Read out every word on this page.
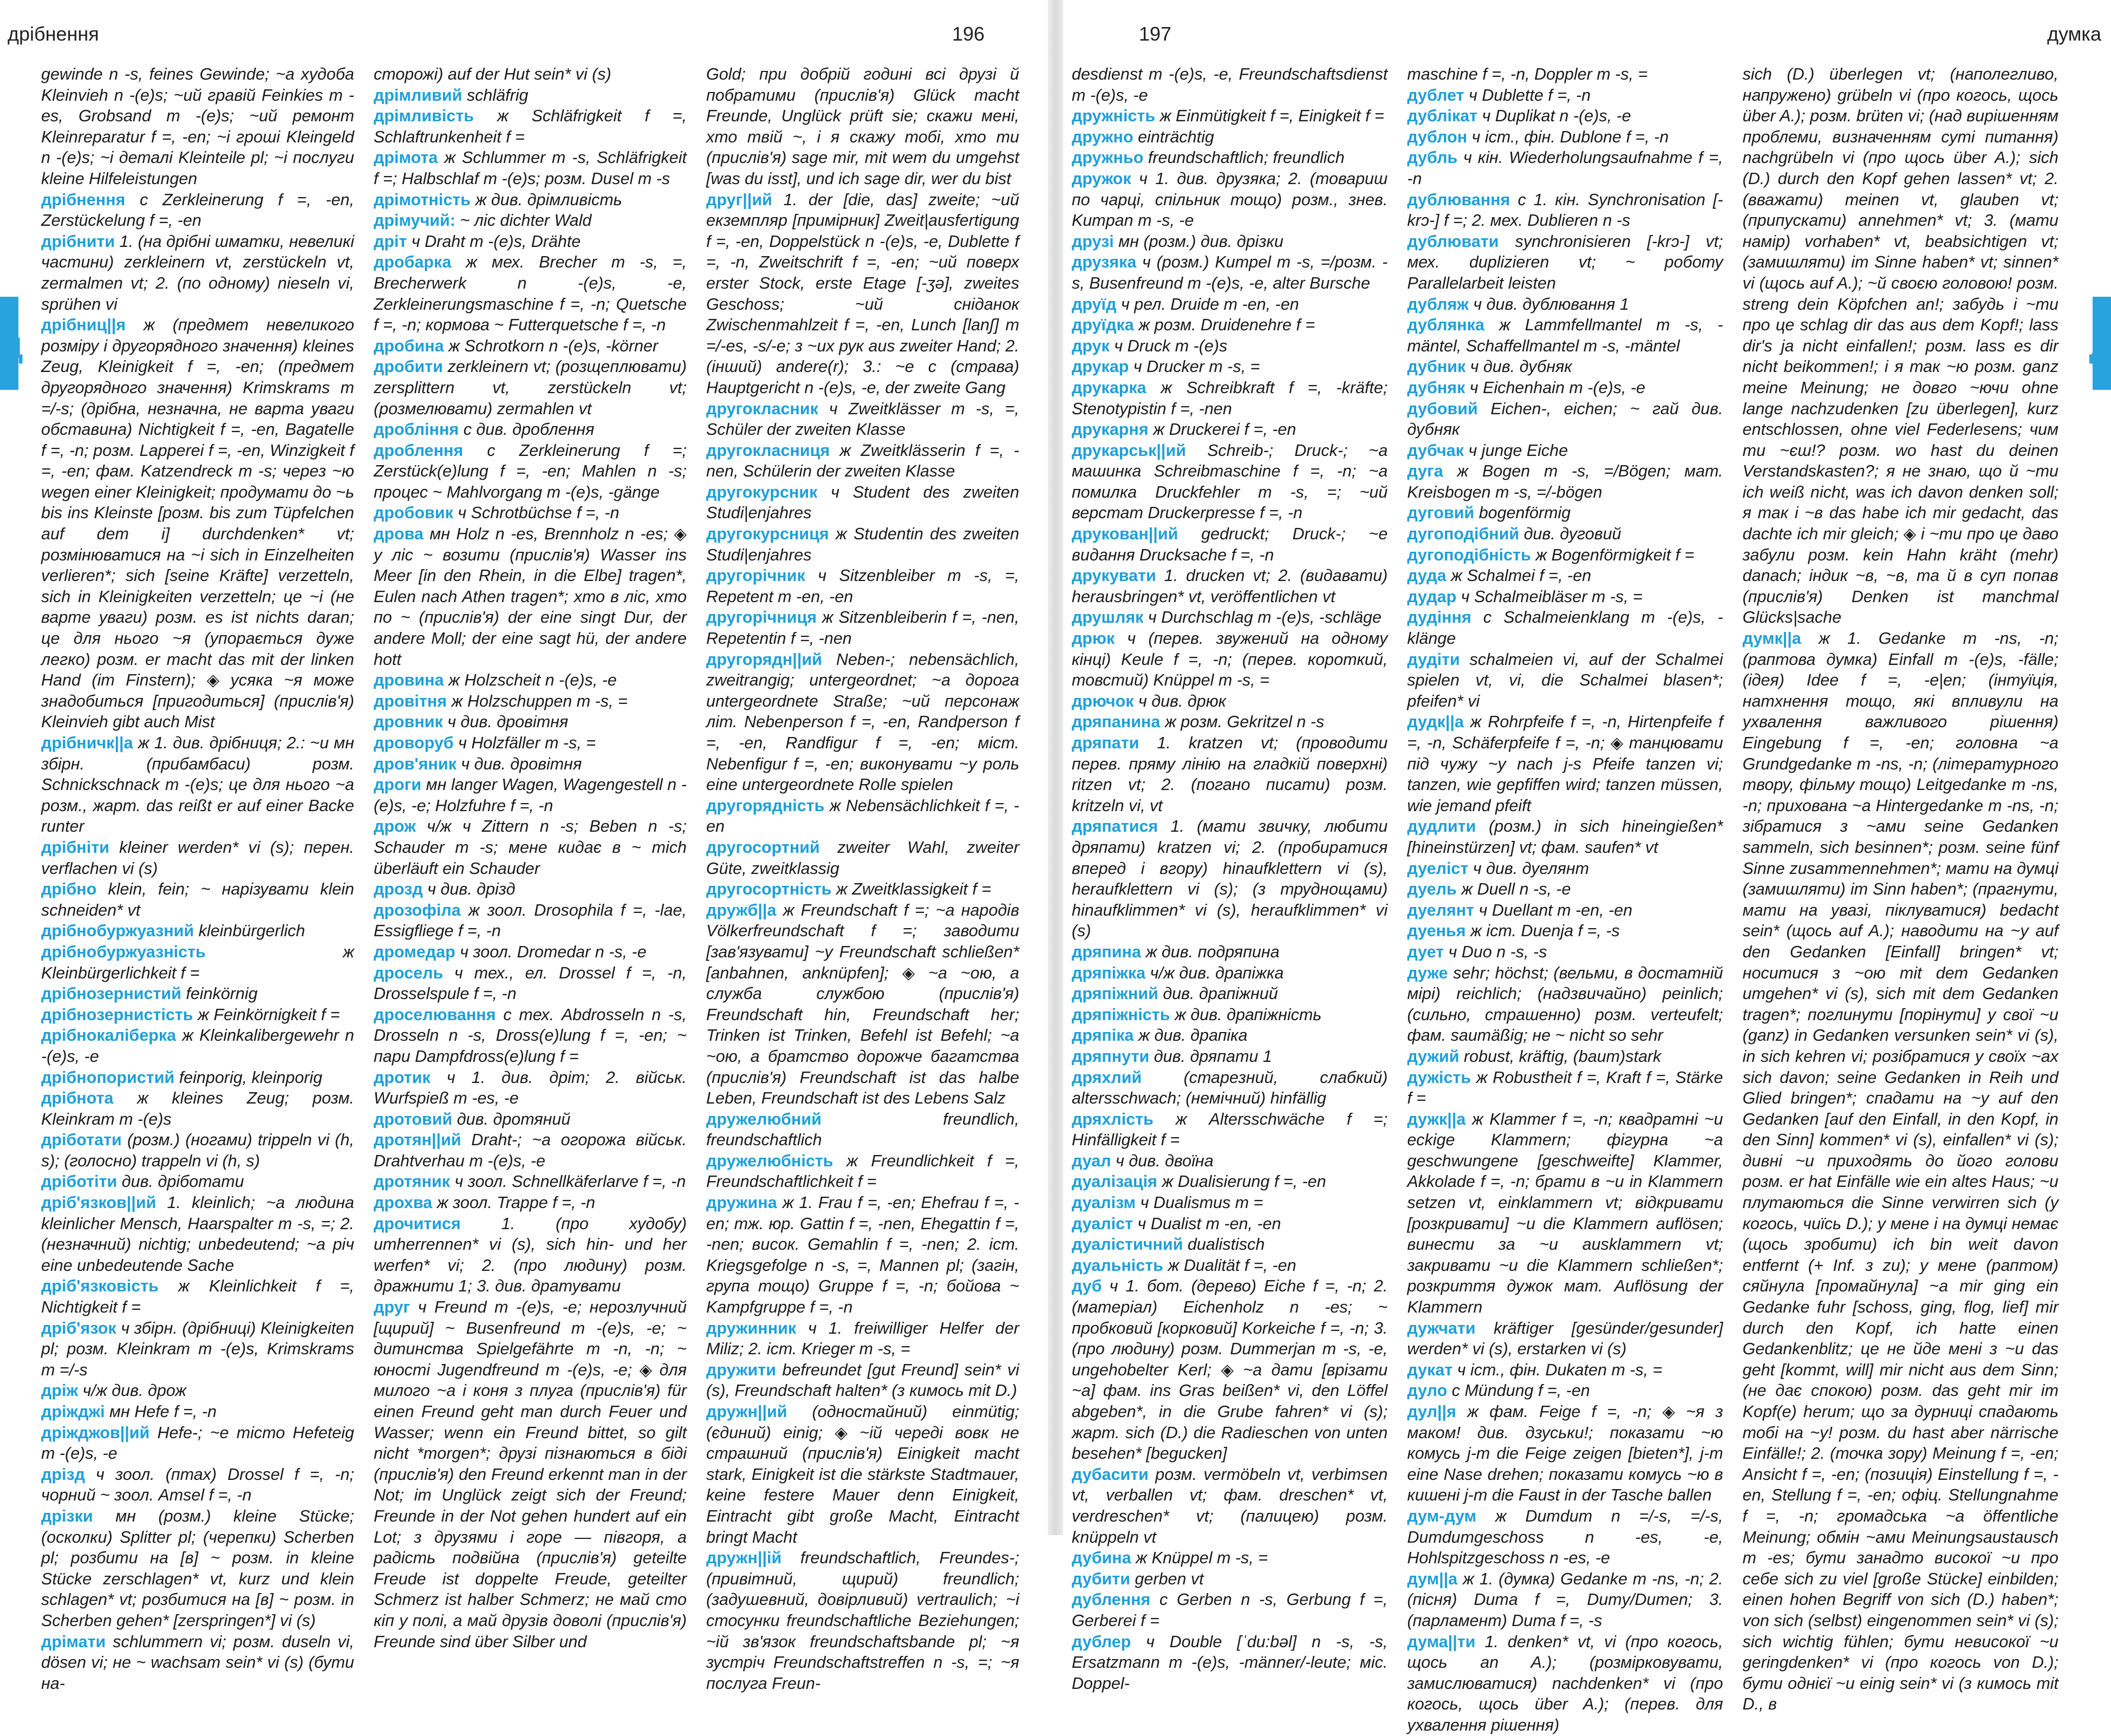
дрібнення	196
Д

gewinde n -s, feines Gewinde; ~а худоба Kleinvieh n -(e)s; ~ий гравій Feinkies m -es, Grobsand m -(e)s; ~ий ремонт Kleinreparatur f =, -en; ~і гроші Kleingeld n -(e)s; ~і деталі Kleinteile pl; ~і послуги kleine Hilfeleistungen

дрібнення с Zerkleinerung f =, -en, Zerstückelung f =, -en

дрібнити 1. (на дрібні шматки, невеликі частини) zerkleinern vt, zerstückeln vt, zermalmen vt; 2. (по одному) nieseln vi, sprühen vi

дрібниц||я ж (предмет невеликого розміру і другорядного значення) kleines Zeug, Kleinigkeit f =, -en; (предмет другорядного значення) Krimskrams m =/-s; (дрібна, незначна, не варта уваги обставина) Nichtigkeit f =, -en, Bagatelle f =, -n; розм. Lapperei f =, -en, Winzigkeit f =, -en; фам. Katzendreck m -s; через ~ю wegen einer Kleinigkeit; продумати до ~ь bis ins Kleinste [розм. bis zum Tüpfelchen auf dem i] durchdenken* vt; розмінюватися на ~і sich in Einzelheiten verlieren*; sich [seine Kräfte] verzetteln, sich in Kleinigkeiten verzetteln; це ~і (не варте уваги) розм. es ist nichts daran; це для нього ~я (упорається дуже легко) розм. er macht das mit der linken Hand (im Finstern); ◈ усяка ~я може знадобиться [пригодиться] (прислів'я) Kleinvieh gibt auch Mist

дрібничк||а ж 1. див. дрібниця; 2.: ~и мн збірн. (прибамбаси) розм. Schnickschnack m -(e)s; це для нього ~а розм., жарт. das reißt er auf einer Backe runter

дрібніти kleiner werden* vi (s); перен. verflachen vi (s)

дрібно klein, fein; ~ нарізувати klein schneiden* vt

дрібнобуржуазний kleinbürgerlich

дрібнобуржуазність	ж Kleinbürgerlichkeit f =

дрібнозернистий feinkörnig

дрібнозернистість ж Feinkörnigkeit f =

дрібнокаліберка ж Kleinkalibergewehr n -(e)s, -e

дрібнопористий feinporig, kleinporig

дрібнота ж kleines Zeug; розм. Kleinkram m -(e)s

дріботати (розм.) (ногами) trippeln vi (h, s); (голосно) trappeln vi (h, s)

дріботіти див. дріботати

дріб'язков||ий 1. kleinlich; ~а людина kleinlicher Mensch, Haarspalter m -s, =; 2. (незначний) nichtig; unbedeutend; ~а річ eine unbedeutende Sache

дріб'язковість ж Kleinlichkeit f =, Nichtigkeit f =

дріб'язок ч збірн. (дрібниці) Kleinigkeiten pl; розм. Kleinkram m -(e)s, Krimskrams m =/-s

дріж ч/ж див. дрож

дріжджі мн Hefe f =, -n

дріжджов||ий Hefe-; ~е тісто Hefeteig m -(e)s, -e

дрізд ч зоол. (птах) Drossel f =, -n; чорний ~ зоол. Amsel f =, -n

дрізки мн (розм.) kleine Stücke; (осколки) Splitter pl; (черепки) Scherben pl; розбити на [в] ~ розм. in kleine Stücke zerschlagen* vt, kurz und klein schlagen* vt; розбитися на [в] ~ розм. in Scherben gehen* [zerspringen*] vi (s)

дрімати schlummern vi; розм. duseln vi, dösen vi; не ~ wachsam sein* vi (s) (бути на-

сторожі) auf der Hut sein* vi (s)

дрімливий schläfrig

дрімливість ж Schläfrigkeit f =, Schlaftrunkenheit f =

дрімота ж Schlummer m -s, Schläfrigkeit f =; Halbschlaf m -(e)s; розм. Dusel m -s

дрімотність ж див. дрімливість

дрімучий: ~ ліс dichter Wald

дріт ч Draht т -(e)s, Drähte

дробарка ж мех. Brecher m -s, =, Brecherwerk n -(e)s, -e, Zerkleinerungsmaschine f =, -n; Quetsche f =, -n; кормова ~ Futterquetsche f =, -n

дробина ж Schrotkorn n -(e)s, -körner

дробити zerkleinern vt; (розщеплювати) zersplittern vt, zerstückeln vt; (розмелювати) zermahlen vt

дробління с див. дроблення

дроблення с Zerkleinerung f =; Zerstück(e)lung f =, -en; Mahlen n -s; процес ~ Mahlvorgang m -(e)s, -gänge

дробовик ч Schrotbüchse f =, -n

дрова мн Holz n -es, Brennholz n -es; ◈ у ліс ~ возити (прислів'я) Wasser ins Meer [in den Rhein, in die Elbe] tragen*, Eulen nach Athen tragen*; хто в ліс, хто по ~ (прислів'я) der eine singt Dur, der andere Moll; der eine sagt hü, der andere hott

дровина ж Holzscheit n -(e)s, -e

дровітня ж Holzschuppen т -s, =

дровник ч див. дровітня

дроворуб ч Holzfäller т -s, =

дров'яник ч див. дровітня

дроги мн langer Wagen, Wagengestell n -(e)s, -e; Holzfuhre f =, -n

дрож ч/ж ч Zittern n -s; Beben n -s; Schauder m -s; мене кидає в ~ mich überläuft ein Schauder

дрозд ч див. дрізд

дрозофіла ж зоол. Drosophila f =, -lae, Essigfliege f =, -n

дромедар ч зоол. Dromedar n -s, -e

дросель ч тех., ел. Drossel f =, -n, Drosselspule f =, -n

дроселювання с тех. Abdrosseln n -s, Drosseln n -s, Dross(e)lung f =, -en; ~ пари Dampfdross(e)lung f =

дротик ч 1. див. дріт; 2. військ. Wurfspieß m -es, -e

дротовий див. дротяний

дротян||ий Draht-; ~а огорожа військ. Drahtverhau m -(e)s, -e

дротяник ч зоол. Schnellkäferlarve f =, -n

дрохва ж зоол. Trappe f =, -n

дрочитися 1. (про худобу) umherrennen* vi (s), sich hin- und her werfen* vi; 2. (про людину) розм. дражнити 1; 3. див. дратувати

друг ч Freund т -(e)s, -e; нерозлучний [щирий] ~ Busenfreund т -(e)s, -e; ~ дитинства Spielgefährte т -n, -n; ~ юності Jugendfreund т -(e)s, -e; ◈ для милого ~а і коня з плуга (прислів'я) für einen Freund geht man durch Feuer und Wasser; wenn ein Freund bittet, so gilt nicht *morgen*; друзі пізнаються в біді (прислів'я) den Freund erkennt man in der Not; im Unglück zeigt sich der Freund; Freunde in der Not gehen hundert auf ein Lot; з друзями і горе — півгоря, а радість подвійна (прислів'я) geteilte Freude ist doppelte Freude, geteilter Schmerz ist halber Schmerz; не май сто кіп у полі, а май друзів доволі (прислів'я) Freunde sind über Silber und

Gold; при добрій годині всі друзі й побратими (прислів'я) Glück macht Freunde, Unglück prüft sie; скажи мені, хто твій ~, і я скажу тобі, хто ти (прислів'я) sage mir, mit wem du umgehst [was du isst], und ich sage dir, wer du bist

друг||ий 1. der [die, das] zweite; ~ий екземпляр [примірник] Zweit|ausfertigung f =, -en, Doppelstück n -(e)s, -e, Dublette f =, -n, Zweitschrift f =, -en; ~ий поверх erster Stock, erste Etage [-ʒə], zweites Geschoss; ~ий сніданок Zwischenmahlzeit f =, -en, Lunch [lanʃ] m =/-es, -s/-e; з ~их рук aus zweiter Hand; 2. (інший) andere(r); 3.: ~е с (страва) Hauptgericht n -(e)s, -e, der zweite Gang

другокласник ч Zweitklässer m -s, =, Schüler der zweiten Klasse

другокласниця ж Zweitklässerin f =, -nen, Schülerin der zweiten Klasse

другокурсник ч Student des zweiten Studi|enjahres

другокурсниця ж Studentin des zweiten Studi|enjahres

другорічник ч Sitzenbleiber m -s, =, Repetent m -en, -en

другорічниця ж Sitzenbleiberin f =, -nen, Repetentin f =, -nen

другорядн||ий Neben-; nebensächlich, zweitrangig; untergeordnet; ~а дорога untergeordnete Straße; ~ий персонаж літ. Nebenperson f =, -en, Randperson f =, -en, Randfigur f =, -en; міст. Nebenfigur f =, -en; виконувати ~у роль eine untergeordnete Rolle spielen

другорядність ж Nebensächlichkeit f =, -en

другосортний zweiter Wahl, zweiter Güte, zweitklassig

другосортність ж Zweitklassigkeit f =

дружб||а ж Freundschaft f =; ~а народів Völkerfreundschaft f =; заводити [зав'язувати] ~у Freundschaft schließen* [anbahnen, anknüpfen]; ◈ ~а ~ою, а служба службою (прислів'я) Freundschaft hin, Freundschaft her; Trinken ist Trinken, Befehl ist Befehl; ~а ~ою, а братство дорожче багатства (прислів'я) Freundschaft ist das halbe Leben, Freundschaft ist des Lebens Salz

дружелюбний	freundlich, freundschaftlich

дружелюбність ж Freundlichkeit f =, Freundschaftlichkeit f =

дружина ж 1. Frau f =, -en; Ehefrau f =, -en; тж. юр. Gattin f =, -nen, Ehegattin f =, -nen; висок. Gemahlin f =, -nen; 2. іст. Kriegsgefolge n -s, =, Mannen pl; (загін, група тощо) Gruppe f =, -n; бойова ~ Kampfgruppe f =, -n

дружинник ч 1. freiwilliger Helfer der Miliz; 2. іст. Krieger m -s, =

дружити befreundet [gut Freund] sein* vi (s), Freundschaft halten* (з кимось mit D.)

дружн||ий (одностайний) einmütig; (єдиний) einig; ◈ ~ій череді вовк не страшний (прислів'я) Einigkeit macht stark, Einigkeit ist die stärkste Stadtmauer, keine festere Mauer denn Einigkeit, Eintracht gibt große Macht, Eintracht bringt Macht

дружн||ій freundschaftlich, Freundes-; (привітний, щирий) freundlich; (задушевний, довірливий) vertraulich; ~і стосунки freundschaftliche Beziehungen; ~ій зв'язок freundschaftsbande pl; ~я зустріч Freundschaftstreffen n -s, =; ~я послуга Freun-

197	думка
Д

desdienst m -(e)s, -e, Freundschaftsdienst m -(e)s, -e

дружність ж Einmütigkeit f =, Einigkeit f =

дружно einträchtig

дружньо freundschaftlich; freundlich

дружок ч 1. див. друзяка; 2. (товариш по чарці, спільник тощо) розм., знев. Kumpan m -s, -e

друзі мн (розм.) див. дрізки

друзяка ч (розм.) Kumpel т -s, =/розм. -s, Busenfreund т -(e)s, -e, alter Bursche

друїд ч рел. Druide m -en, -en

друїдка ж розм. Druidenehre f =

друк ч Druck m -(e)s

друкар ч Drucker m -s, =

друкарка ж Schreibkraft f =, -kräfte; Stenotypistin f =, -nen

друкарня ж Druckerei f =, -en

друкарськ||ий Schreib-; Druck-; ~а машинка Schreibmaschine f =, -n; ~а помилка Druckfehler m -s, =; ~ий верстат Druckerpresse f =, -n

друкован||ий gedruckt; Druck-; ~е видання Drucksache f =, -n

друкувати 1. drucken vt; 2. (видавати) herausbringen* vt, veröffentlichen vt

друшляк ч Durchschlag m -(e)s, -schläge

дрюк ч (перев. звужений на одному кінці) Keule f =, -n; (перев. короткий, товстий) Knüppel m -s, =

дрючок ч див. дрюк

дряпанина ж розм. Gekritzel n -s

дряпати 1. kratzen vt; (проводити перев. пряму лінію на гладкій поверхні) ritzen vt; 2. (погано писати) розм. kritzeln vi, vt

дряпатися 1. (мати звичку, любити дряпати) kratzen vi; 2. (пробиратися вперед і вгору) hinaufklettern vi (s), heraufklettern vi (s); (з труднощами) hinaufklimmen* vi (s), heraufklimmen* vi (s)

дряпина ж див. подряпина

дряпіжка ч/ж див. драпіжка

дряпіжний див. драпіжний

дряпіжність ж див. драпіжність

дряпіка ж див. драпіка

дряпнути див. дряпати 1

дряхлий	(старезний, слабкий) altersschwach; (немічний) hinfällig

дряхлість ж Altersschwäche f =; Hinfälligkeit f =

дуал ч див. двоїна

дуалізація ж Dualisierung f =, -en

дуалізм ч Dualismus m =

дуаліст ч Dualist m -en, -en

дуалістичний dualistisch

дуальність ж Dualität f =, -en

дуб ч 1. бот. (дерево) Eiche f =, -n; 2. (матеріал) Eichenholz n -es; ~ пробковий [корковий] Korkeiche f =, -n; 3. (про людину) розм. Dummerjan m -s, -e, ungehobelter Kerl; ◈ ~а дати [врізати ~а] фам. ins Gras beißen* vi, den Löffel abgeben*, in die Grube fahren* vi (s); жарт. sich (D.) die Radieschen von unten besehen* [begucken]

дубасити розм. vermöbeln vt, verbimsen vt, verballen vt; фам. dreschen* vt, verdreschen* vt; (палицею) розм. knüppeln vt

дубина ж Knüppel m -s, =

дубити gerben vt

дублення с Gerben n -s, Gerbung f =, Gerberei f =

дублер ч Double [ˈdu:bəl] n -s, -s, Ersatzmann m -(e)s, -männer/-leute; міс. Doppel-

maschine f =, -n, Doppler m -s, =

дублет ч Dublette f =, -n

дублікат ч Duplikat n -(e)s, -e

дублон ч іст., фін. Dublone f =, -n

дубль ч кін. Wiederholungsaufnahme f =, -n

дублювання с 1. кін. Synchronisation [-krɔ-] f =; 2. мех. Dublieren n -s

дублювати synchronisieren [-krɔ-] vt; мех. duplizieren vt; ~ роботу Parallelarbeit leisten

дубляж ч див. дублювання 1

дублянка ж Lammfellmantel т -s, -mäntel, Schaffellmantel т -s, -mäntel

дубник ч див. дубняк

дубняк ч Eichenhain m -(e)s, -e

дубовий Eichen-, eichen; ~ гай див. дубняк

дубчак ч junge Eiche

дуга ж Bogen m -s, =/Bögen; мат. Kreisbogen m -s, =/-bögen

дуговий bogenförmig

дугоподібний див. дуговий

дугоподібність ж Bogenförmigkeit f =

дуда ж Schalmei f =, -en

дудар ч Schalmeibläser т -s, =

дудіння с Schalmeienklang т -(e)s, -klänge

дудіти schalmeien vi, auf der Schalmei spielen vt, vi, die Schalmei blasen*; pfeifen* vi

дудк||а ж Rohrpfeife f =, -n, Hirtenpfeife f =, -n, Schäferpfeife f =, -n; ◈ танцювати під чужу ~у nach j-s Pfeife tanzen vi; tanzen, wie gepfiffen wird; tanzen müssen, wie jemand pfeift

дудлити (розм.) in sich hineingießen* [hineinstürzen] vt; фам. saufen* vt

дуеліст ч див. дуелянт

дуель ж Duell n -s, -e

дуелянт ч Duellant т -en, -en

дуенья ж іст. Duenja f =, -s

дует ч Duo n -s, -s

дуже sehr; höchst; (вельми, в достатній мірі) reichlich; (надзвичайно) peinlich; (сильно, страшенно) розм. verteufelt; фам. saumäßig; не ~ nicht so sehr

дужий robust, kräftig, (baum)stark

дужість ж Robustheit f =, Kraft f =, Stärke f =

дужк||а ж Klammer f =, -n; квадратні ~и eckige Klammern; фігурна ~а geschwungene [geschweifte] Klammer, Akkolade f =, -n; брати в ~и in Klammern setzen vt, einklammern vt; відкривати [розкривати] ~и die Klammern auflösen; винести за ~и ausklammern vt; закривати ~и die Klammern schließen*; розкриття дужок мат. Auflösung der Klammern

дужчати kräftiger [gesünder/gesunder] werden* vi (s), erstarken vi (s)

дукат ч іст., фін. Dukaten т -s, =

дуло с Mündung f =, -en

дул||я ж фам. Feige f =, -n; ◈ ~я з маком! див. дзуськи!; показати ~ю комусь j-m die Feige zeigen [bieten*], j-m eine Nase drehen; показати комусь ~ю в кишені j-m die Faust in der Tasche ballen

дум-дум ж Dumdum n =/-s, =/-s, Dumdumgeschoss n -es, -e, Hohlspitzgeschoss n -es, -e

дум||а ж 1. (думка) Gedanke m -ns, -n; 2. (пісня) Duma f =, Dumy/Dumen; 3. (парламент) Duma f =, -s

дума||ти 1. denken* vt, vi (про когось, щось an A.); (розмірковувати, замислюватися) nachdenken* vi (про когось, щось über A.); (перев. для ухвалення рішення)

sich (D.) überlegen vt; (наполегливо, напружено) grübeln vi (про когось, щось über A.); розм. brüten vi; (над вирішенням проблеми, визначенням суті питання) nachgrübeln vi (про щось über A.); sich (D.) durch den Kopf gehen lassen* vt; 2. (вважати) meinen vt, glauben vt; (припускати) annehmen* vt; 3. (мати намір) vorhaben* vt, beabsichtigen vt; (замишляти) im Sinne haben* vt; sinnen* vi (щось auf A.); ~й своєю головою! розм. streng dein Köpfchen an!; забудь і ~ти про це schlag dir das aus dem Kopf!; lass dir's ja nicht einfallen!; розм. lass es dir nicht beikommen!; і я так ~ю розм. ganz meine Meinung; не довго ~ючи ohne lange nachzudenken [zu überlegen], kurz entschlossen, ohne viel Federlesens; чим ти ~єш!? розм. wo hast du deinen Verstandskasten?; я не знаю, що й ~ти ich weiß nicht, was ich davon denken soll; я так і ~в das habe ich mir gedacht, das dachte ich mir gleich; ◈ і ~ти про це даво забули розм. kein Hahn kräht (mehr) danach; індик ~в, ~в, та й в суп попав (прислів'я) Denken ist manchmal Glücks|sache

думк||а ж 1. Gedanke m -ns, -n; (раптова думка) Einfall m -(e)s, -fälle; (ідея) Idee f =, -e|en; (інтуїція, натхнення тощо, які впливули на ухвалення важливого рішення) Eingebung f =, -en; головна ~а Grundgedanke m -ns, -n; (літературного твору, фільму тощо) Leitgedanke m -ns, -n; прихована ~а Hintergedanke т -ns, -n; зібратися з ~ами seine Gedanken sammeln, sich besinnen*; розм. seine fünf Sinne zusammennehmen*; мати на думці (замишляти) im Sinn haben*; (прагнути, мати на увазі, піклуватися) bedacht sein* (щось auf A.); наводити на ~у auf den Gedanken [Einfall] bringen* vt; носитися з ~ою mit dem Gedanken umgehen* vi (s), sich mit dem Gedanken tragen*; поглинути [порінути] у свої ~и (ganz) in Gedanken versunken sein* vi (s), in sich kehren vi; розібратися у своїх ~ах sich davon; seine Gedanken in Reih und Glied bringen*; спадати на ~у auf den Gedanken [auf den Einfall, in den Kopf, in den Sinn] kommen* vi (s), einfallen* vi (s); дивні ~и приходять до його голови розм. er hat Einfälle wie ein altes Haus; ~и плутаються die Sinne verwirren sich (у когось, чиїсь D.); у мене і на думці немає (щось зробити) ich bin weit davon entfernt (+ Inf. з zu); у мене (раптом) сяйнула [промайнула] ~а mir ging ein Gedanke fuhr [schoss, ging, flog, lief] mir durch den Kopf, ich hatte einen Gedankenblitz; це не йде мені з ~и das geht [kommt, will] mir nicht aus dem Sinn; (не дає спокою) розм. das geht mir im Kopf(e) herum; що за дурниці спадають тобі на ~у! розм. du hast aber närrische Einfälle!; 2. (точка зору) Meinung f =, -en; Ansicht f =, -en; (позиція) Einstellung f =, -en, Stellung f =, -en; офіц. Stellungnahme f =, -n; громадська ~а öffentliche Meinung; обмін ~ами Meinungsaustausch m -es; бути занадто високої ~и про себе sich zu viel [große Stücke] einbilden; einen hohen Begriff von sich (D.) haben*; von sich (selbst) eingenommen sein* vi (s); sich wichtig fühlen; бути невисокої ~и geringdenken* vi (про когось von D.); бути однієї ~и einig sein* vi (з кимось mit D., в
